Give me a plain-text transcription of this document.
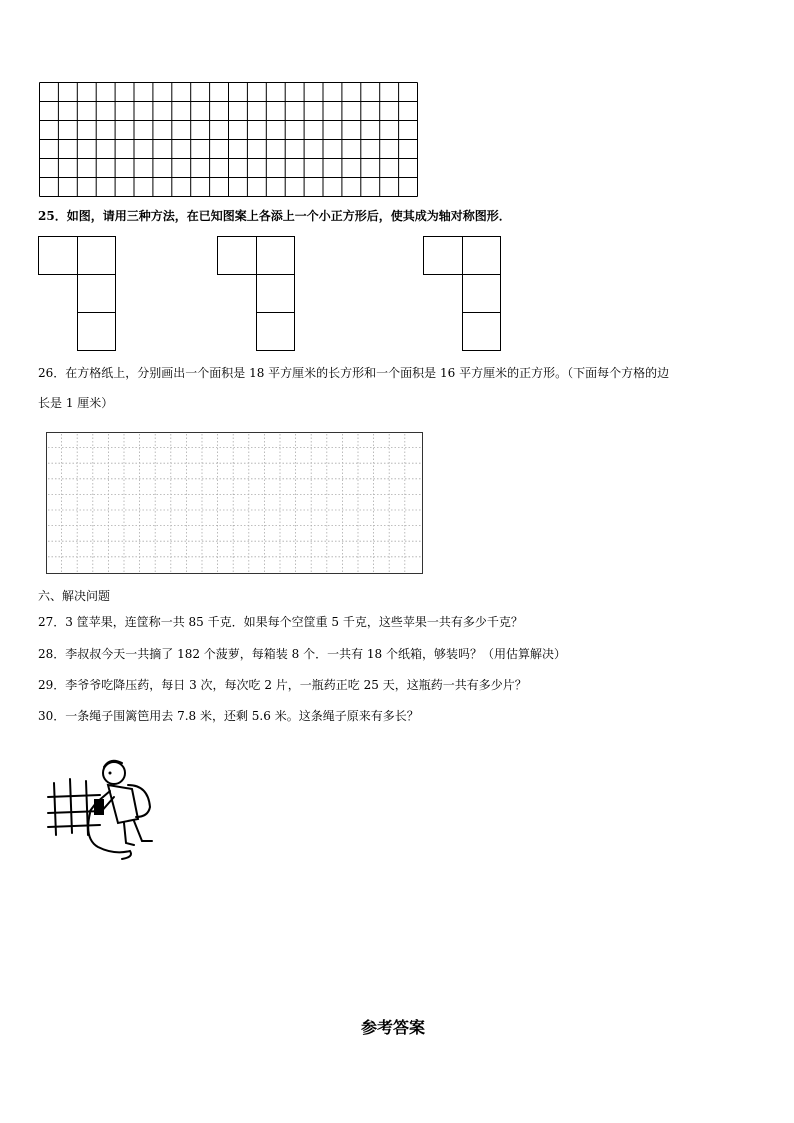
25．如图，请用三种方法，在已知图案上各添上一个小正方形后，使其成为轴对称图形．
26．在方格纸上，分别画出一个面积是 18 平方厘米的长方形和一个面积是 16 平方厘米的正方形。（下面每个方格的边
长是 1 厘米）
六、解决问题
27．3 筐苹果，连筐称一共 85 千克．如果每个空筐重 5 千克，这些苹果一共有多少千克？
28．李叔叔今天一共摘了 182 个菠萝，每箱装 8 个．一共有 18 个纸箱，够装吗？（用估算解决）
29．李爷爷吃降压药，每日 3 次，每次吃 2 片，一瓶药正吃 25 天，这瓶药一共有多少片？
30．一条绳子围篱笆用去 7.8 米，还剩 5.6 米。这条绳子原来有多长？
参考答案
